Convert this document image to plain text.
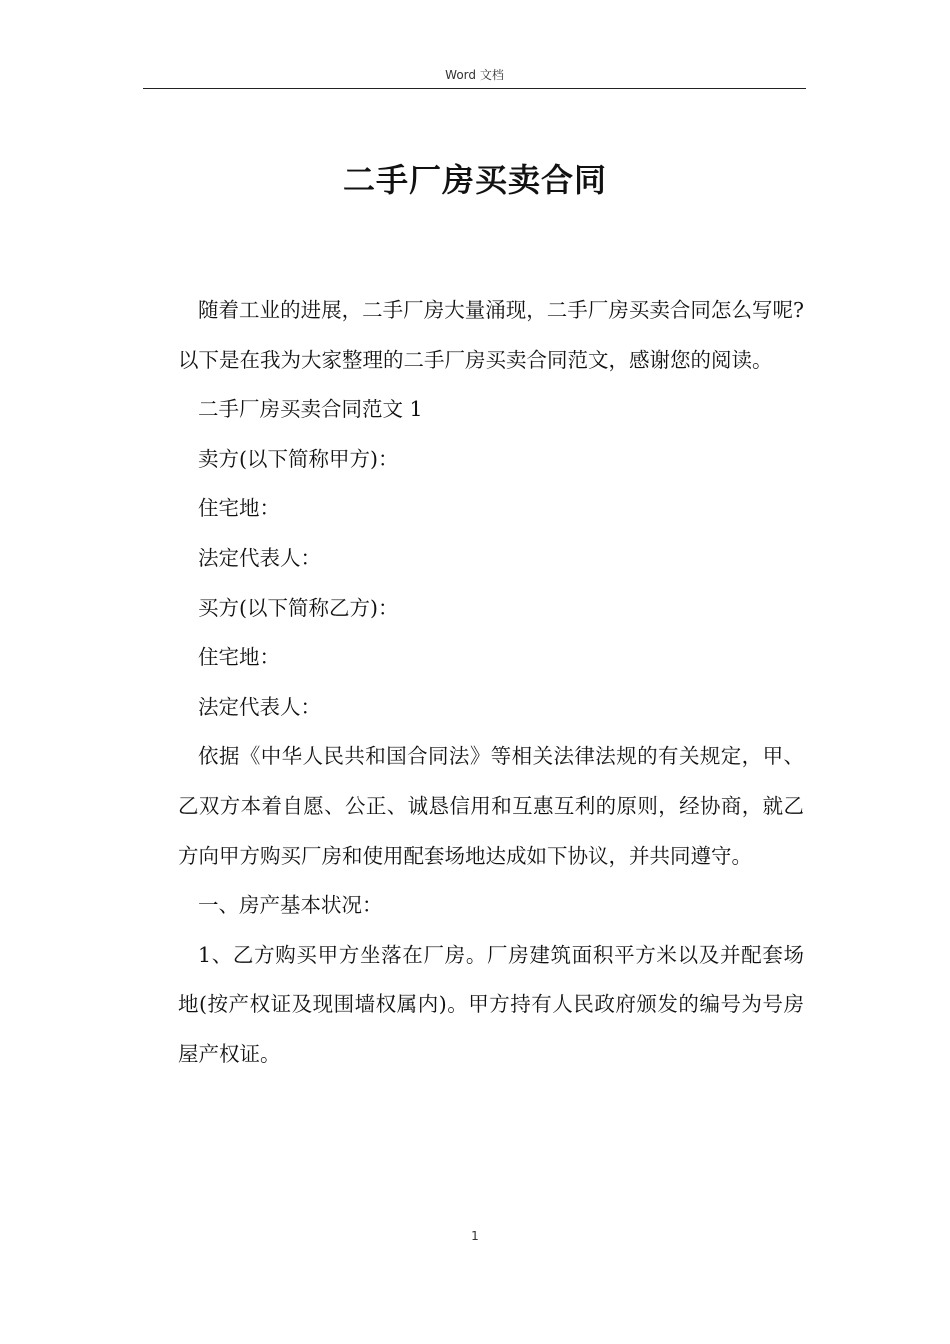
Word 文档
二手厂房买卖合同

随着工业的进展，二手厂房大量涌现，二手厂房买卖合同怎么写呢?以下是在我为大家整理的二手厂房买卖合同范文，感谢您的阅读。

二手厂房买卖合同范文 1

卖方(以下简称甲方)：

住宅地：

法定代表人：

买方(以下简称乙方)：

住宅地：

法定代表人：

依据《中华人民共和国合同法》等相关法律法规的有关规定，甲、乙双方本着自愿、公正、诚恳信用和互惠互利的原则，经协商，就乙方向甲方购买厂房和使用配套场地达成如下协议，并共同遵守。

一、房产基本状况：

1、乙方购买甲方坐落在厂房。厂房建筑面积平方米以及并配套场地(按产权证及现围墙权属内)。甲方持有人民政府颁发的编号为号房屋产权证。

1
